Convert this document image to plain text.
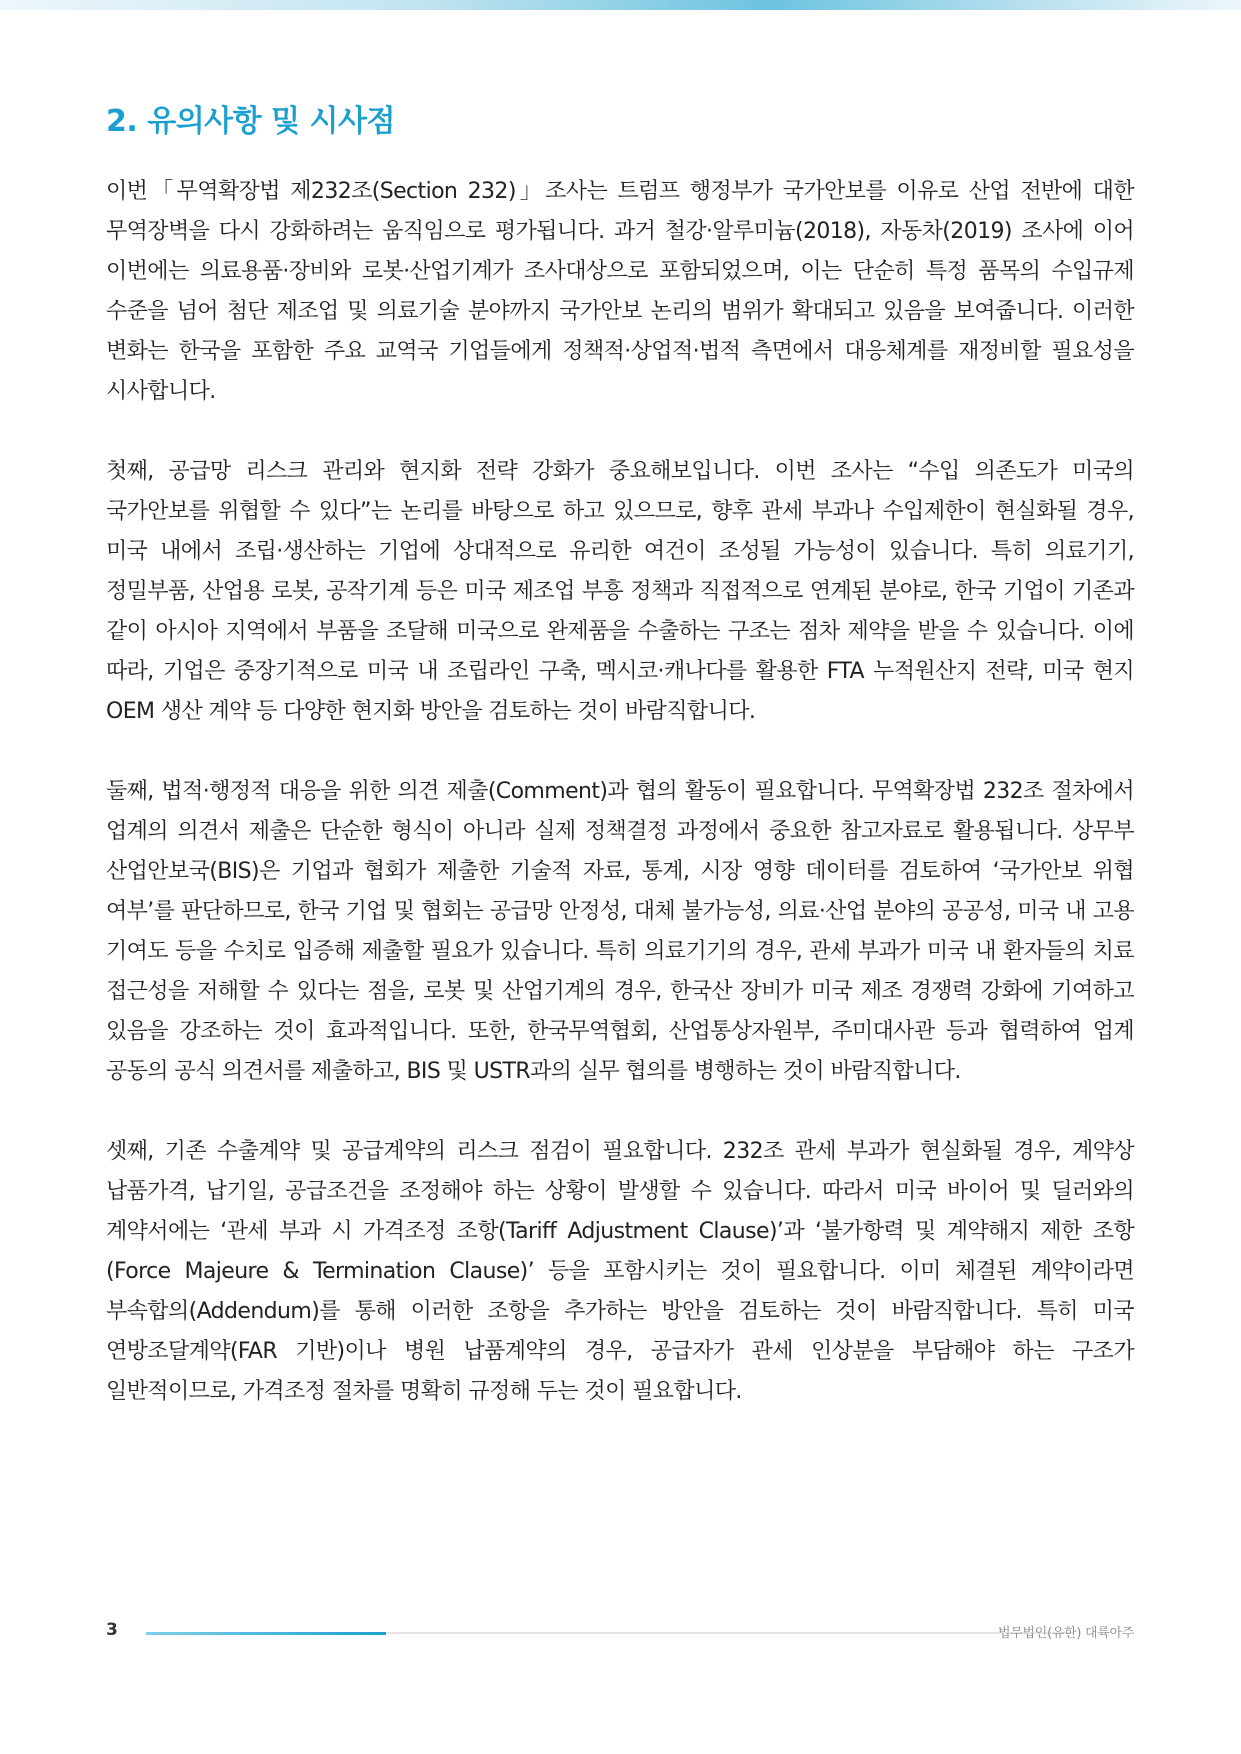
2. 유의사항 및 시사점

이번「무역확장법 제232조(Section 232)」조사는 트럼프 행정부가 국가안보를 이유로 산업 전반에 대한 무역장벽을 다시 강화하려는 움직임으로 평가됩니다. 과거 철강·알루미늄(2018), 자동차(2019) 조사에 이어 이번에는 의료용품·장비와 로봇·산업기계가 조사대상으로 포함되었으며, 이는 단순히 특정 품목의 수입규제 수준을 넘어 첨단 제조업 및 의료기술 분야까지 국가안보 논리의 범위가 확대되고 있음을 보여줍니다. 이러한 변화는 한국을 포함한 주요 교역국 기업들에게 정책적·상업적·법적 측면에서 대응체계를 재정비할 필요성을 시사합니다.

첫째, 공급망 리스크 관리와 현지화 전략 강화가 중요해보입니다. 이번 조사는 “수입 의존도가 미국의 국가안보를 위협할 수 있다”는 논리를 바탕으로 하고 있으므로, 향후 관세 부과나 수입제한이 현실화될 경우, 미국 내에서 조립·생산하는 기업에 상대적으로 유리한 여건이 조성될 가능성이 있습니다. 특히 의료기기, 정밀부품, 산업용 로봇, 공작기계 등은 미국 제조업 부흥 정책과 직접적으로 연계된 분야로, 한국 기업이 기존과 같이 아시아 지역에서 부품을 조달해 미국으로 완제품을 수출하는 구조는 점차 제약을 받을 수 있습니다. 이에 따라, 기업은 중장기적으로 미국 내 조립라인 구축, 멕시코·캐나다를 활용한 FTA 누적원산지 전략, 미국 현지 OEM 생산 계약 등 다양한 현지화 방안을 검토하는 것이 바람직합니다.

둘째, 법적·행정적 대응을 위한 의견 제출(Comment)과 협의 활동이 필요합니다. 무역확장법 232조 절차에서 업계의 의견서 제출은 단순한 형식이 아니라 실제 정책결정 과정에서 중요한 참고자료로 활용됩니다. 상무부 산업안보국(BIS)은 기업과 협회가 제출한 기술적 자료, 통계, 시장 영향 데이터를 검토하여 ‘국가안보 위협 여부’를 판단하므로, 한국 기업 및 협회는 공급망 안정성, 대체 불가능성, 의료·산업 분야의 공공성, 미국 내 고용 기여도 등을 수치로 입증해 제출할 필요가 있습니다. 특히 의료기기의 경우, 관세 부과가 미국 내 환자들의 치료 접근성을 저해할 수 있다는 점을, 로봇 및 산업기계의 경우, 한국산 장비가 미국 제조 경쟁력 강화에 기여하고 있음을 강조하는 것이 효과적입니다. 또한, 한국무역협회, 산업통상자원부, 주미대사관 등과 협력하여 업계 공동의 공식 의견서를 제출하고, BIS 및 USTR과의 실무 협의를 병행하는 것이 바람직합니다.

셋째, 기존 수출계약 및 공급계약의 리스크 점검이 필요합니다. 232조 관세 부과가 현실화될 경우, 계약상 납품가격, 납기일, 공급조건을 조정해야 하는 상황이 발생할 수 있습니다. 따라서 미국 바이어 및 딜러와의 계약서에는 ‘관세 부과 시 가격조정 조항(Tariff Adjustment Clause)’과 ‘불가항력 및 계약해지 제한 조항(Force Majeure & Termination Clause)’ 등을 포함시키는 것이 필요합니다. 이미 체결된 계약이라면 부속합의(Addendum)를 통해 이러한 조항을 추가하는 방안을 검토하는 것이 바람직합니다. 특히 미국 연방조달계약(FAR 기반)이나 병원 납품계약의 경우, 공급자가 관세 인상분을 부담해야 하는 구조가 일반적이므로, 가격조정 절차를 명확히 규정해 두는 것이 필요합니다.

3	법무법인(유한) 대륙아주
